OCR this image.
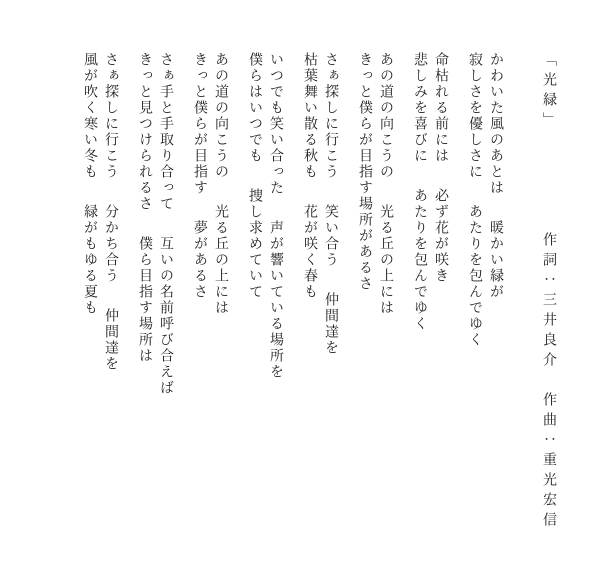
「光緑」作詞：三井良介　作曲：重光宏信
かわいた風のあとは暖かい緑が
寂しさを優しさにあたりを包んでゆく
命枯れる前には必ず花が咲き
悲しみを喜びにあたりを包んでゆく
あの道の向こうの光る丘の上には
きっと僕らが目指す場所があるさ
さぁ探しに行こう笑い合う仲間達を
枯葉舞い散る秋も花が咲く春も
いつでも笑い合った声が響いている場所を
僕らはいつでも捜し求めていて
あの道の向こうの光る丘の上には
きっと僕らが目指す夢があるさ
さぁ手と手取り合って互いの名前呼び合えば
きっと見つけられるさ僕ら目指す場所は
さぁ探しに行こう分かち合う仲間達を
風が吹く寒い冬も緑がもゆる夏も
